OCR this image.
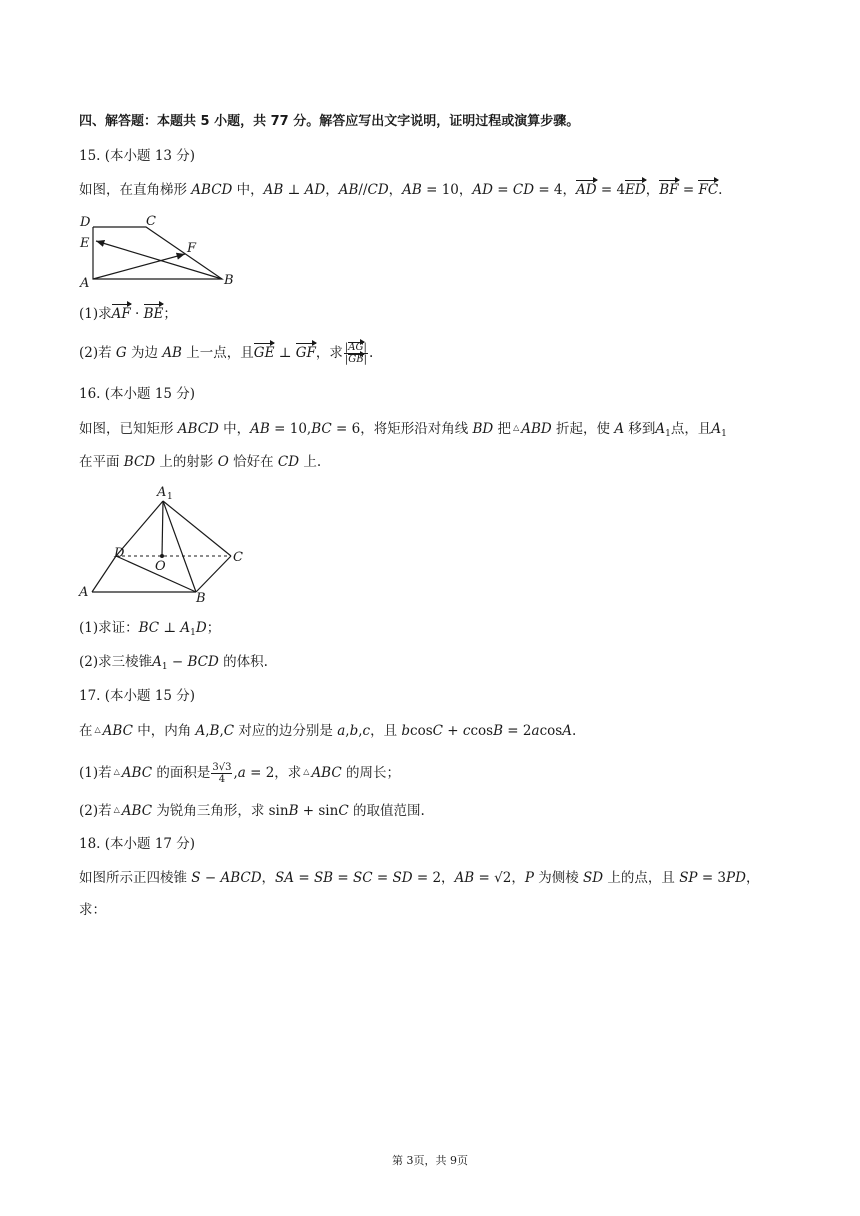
四、解答题：本题共 5 小题，共 77 分。解答应写出文字说明，证明过程或演算步骤。
15. (本小题 13 分)
如图，在直角梯形 ABCD 中，AB ⊥ AD，AB//CD，AB = 10，AD = CD = 4，AD = 4ED，BF = FC.
D	C
E	F
A	B
(1)求AF · BE；
(2)若 G 为边 AB 上一点，且GE ⊥ GF，求 $\frac{|AG|}{|GB|}$ .
16. (本小题 15 分)
如图，已知矩形 ABCD 中，AB = 10,BC = 6，将矩形沿对角线 BD 把 △ ABD 折起，使 A 移到$A_1$点，且$A_1$
在平面 BCD 上的射影 O 恰好在 CD 上.
A 1
D	C
O
A	B
(1)求证：BC ⊥ $A_1D$；
(2)求三棱锥$A_1$ − BCD 的体积.
17. (本小题 15 分)
在 △ ABC 中，内角 A,B,C 对应的边分别是 a,b,c，且 bcosC + ccosB = 2acosA.
(1)若 △ ABC 的面积是 $\frac{3√3}{4} ,a = 2$，求 △ ABC 的周长；
(2)若 △ ABC 为锐角三角形，求 sinB + sinC 的取值范围.
18. (本小题 17 分)
如图所示正四棱锥 S − ABCD，SA = SB = SC = SD = 2，AB = √2，P 为侧棱 SD 上的点，且 SP = 3PD，
求：
第 3页，共 9页
